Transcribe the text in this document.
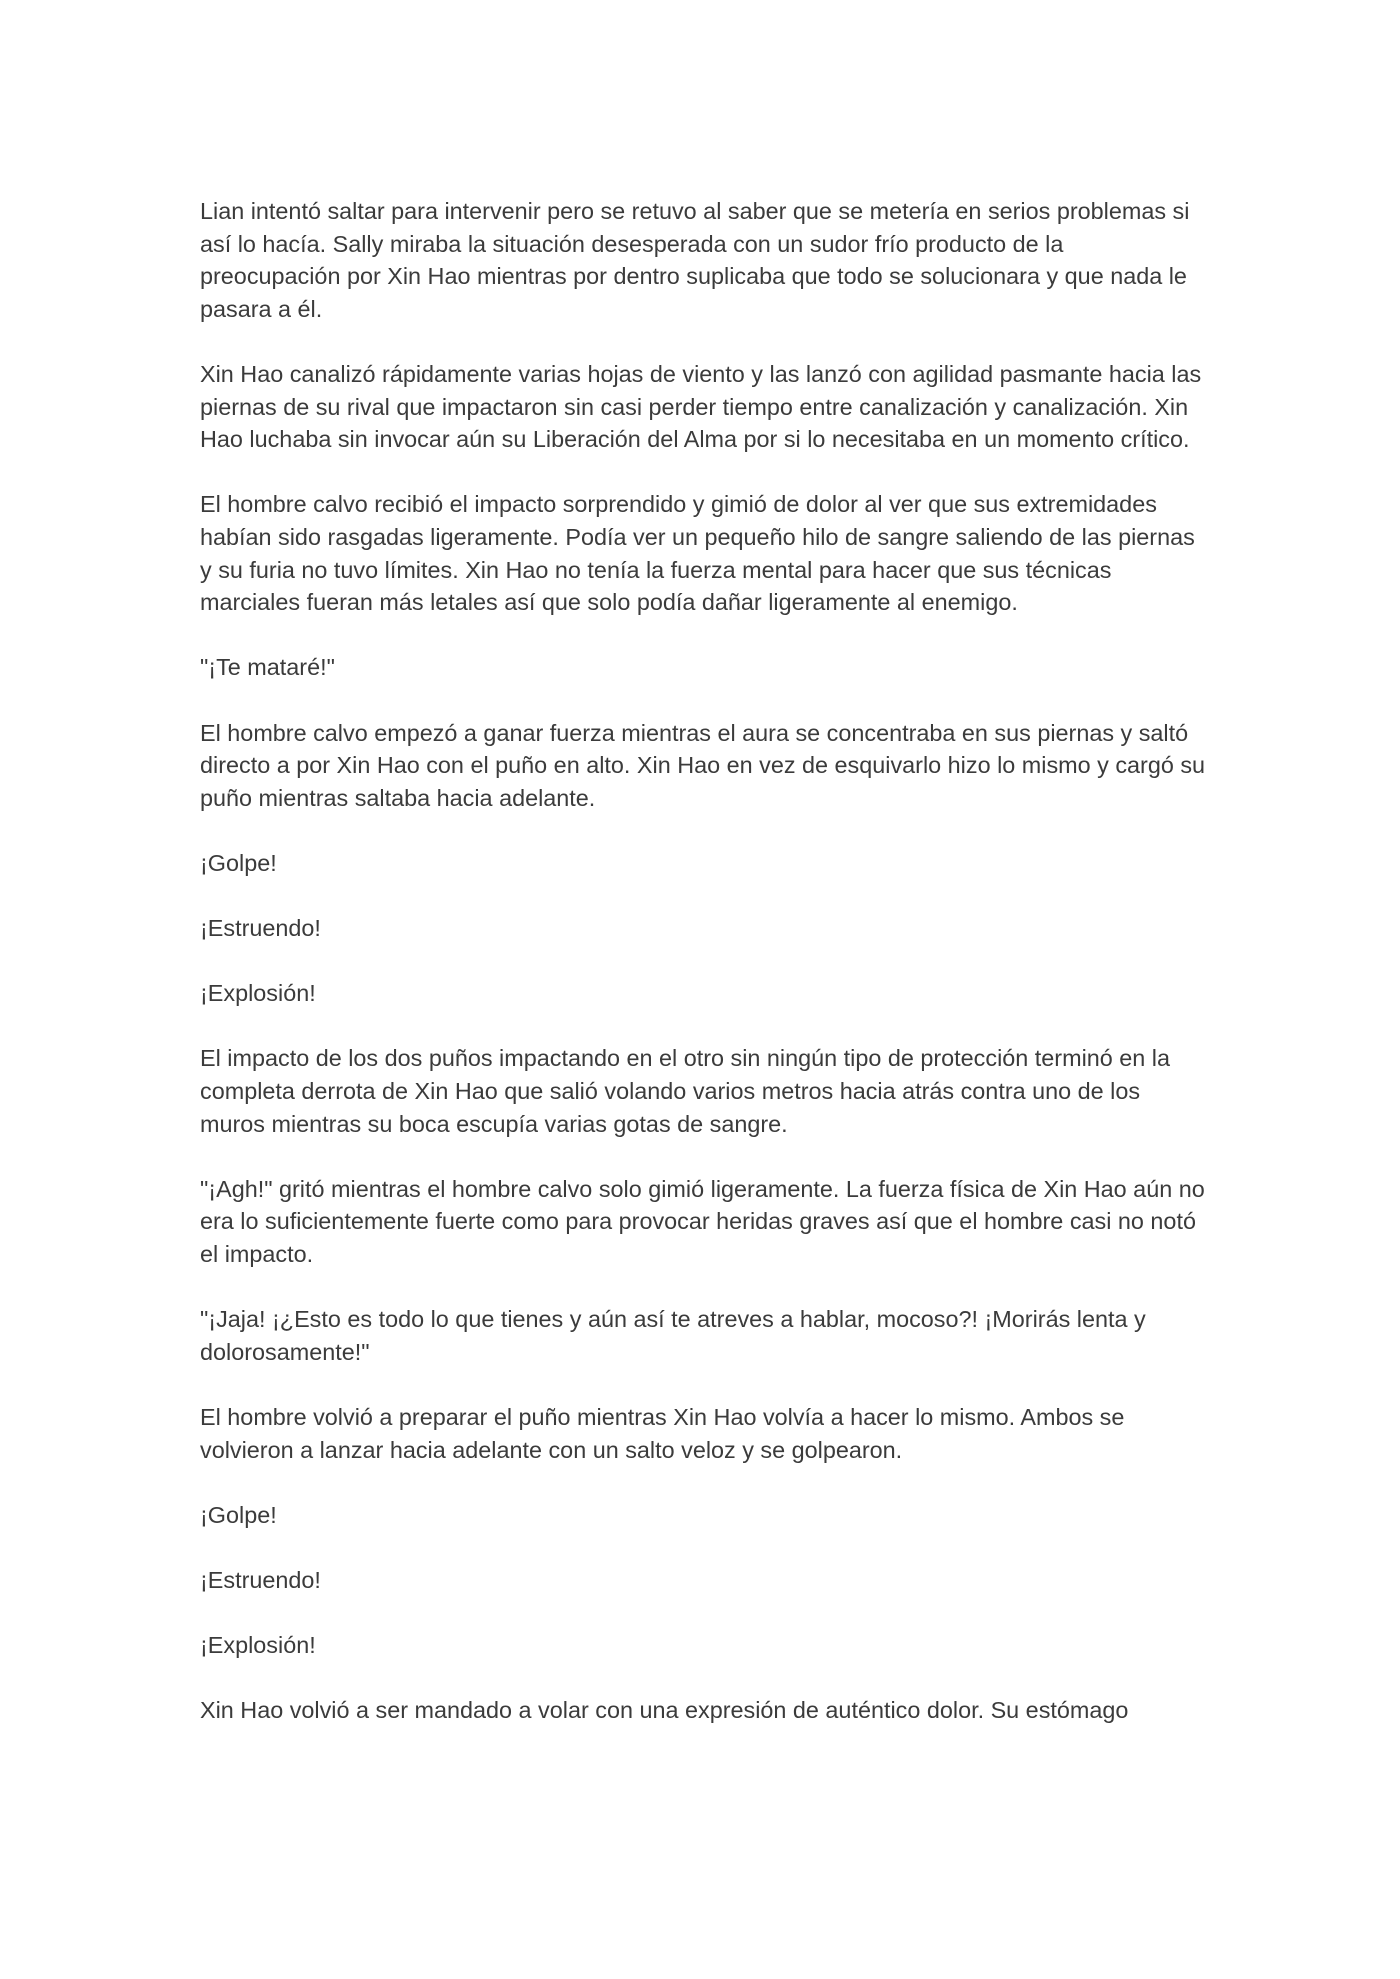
Lian intentó saltar para intervenir pero se retuvo al saber que se metería en serios problemas si así lo hacía. Sally miraba la situación desesperada con un sudor frío producto de la preocupación por Xin Hao mientras por dentro suplicaba que todo se solucionara y que nada le pasara a él.

Xin Hao canalizó rápidamente varias hojas de viento y las lanzó con agilidad pasmante hacia las piernas de su rival que impactaron sin casi perder tiempo entre canalización y canalización. Xin Hao luchaba sin invocar aún su Liberación del Alma por si lo necesitaba en un momento crítico.

El hombre calvo recibió el impacto sorprendido y gimió de dolor al ver que sus extremidades habían sido rasgadas ligeramente. Podía ver un pequeño hilo de sangre saliendo de las piernas y su furia no tuvo límites. Xin Hao no tenía la fuerza mental para hacer que sus técnicas marciales fueran más letales así que solo podía dañar ligeramente al enemigo.

"¡Te mataré!"

El hombre calvo empezó a ganar fuerza mientras el aura se concentraba en sus piernas y saltó directo a por Xin Hao con el puño en alto. Xin Hao en vez de esquivarlo hizo lo mismo y cargó su puño mientras saltaba hacia adelante.

¡Golpe!

¡Estruendo!

¡Explosión!

El impacto de los dos puños impactando en el otro sin ningún tipo de protección terminó en la completa derrota de Xin Hao que salió volando varios metros hacia atrás contra uno de los muros mientras su boca escupía varias gotas de sangre.

"¡Agh!" gritó mientras el hombre calvo solo gimió ligeramente. La fuerza física de Xin Hao aún no era lo suficientemente fuerte como para provocar heridas graves así que el hombre casi no notó el impacto.

"¡Jaja! ¡¿Esto es todo lo que tienes y aún así te atreves a hablar, mocoso?! ¡Morirás lenta y dolorosamente!"

El hombre volvió a preparar el puño mientras Xin Hao volvía a hacer lo mismo. Ambos se volvieron a lanzar hacia adelante con un salto veloz y se golpearon.

¡Golpe!

¡Estruendo!

¡Explosión!

Xin Hao volvió a ser mandado a volar con una expresión de auténtico dolor. Su estómago
